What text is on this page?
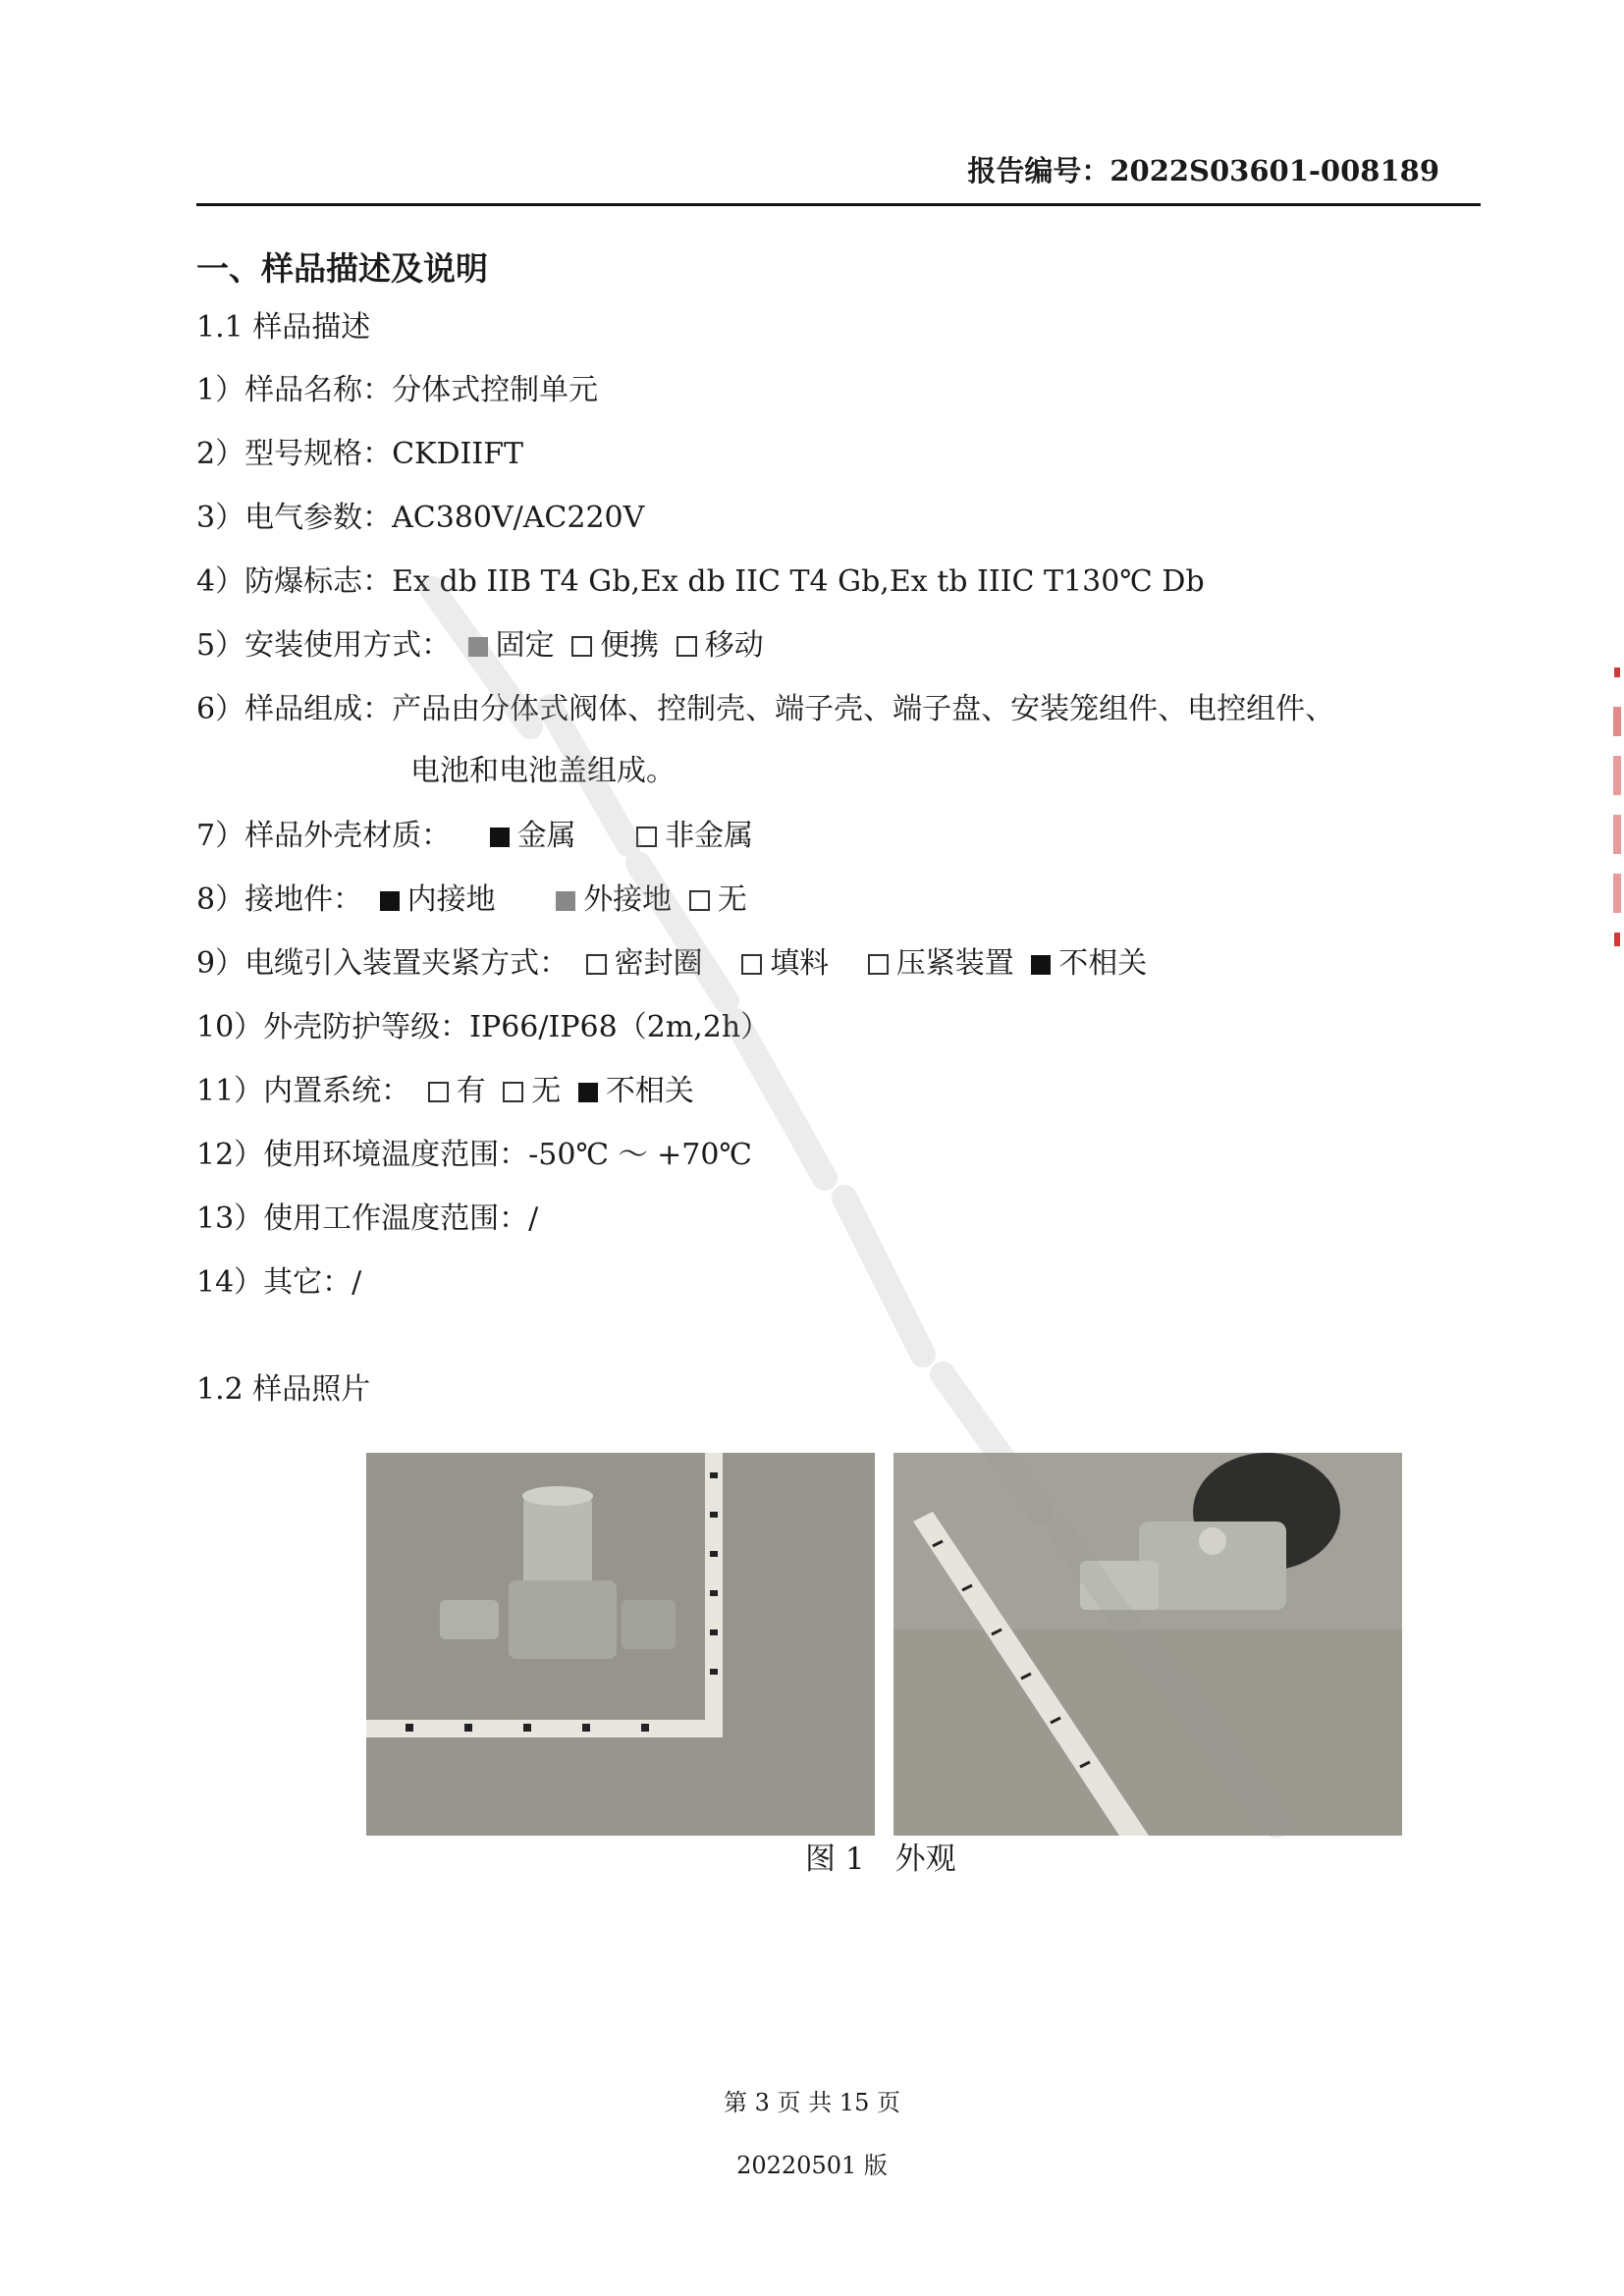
报告编号：2022S03601-008189
一、样品描述及说明
1.1 样品描述
1）样品名称：分体式控制单元
2）型号规格：CKDIIFT
3）电气参数：AC380V/AC220V
4）防爆标志：Ex db IIB T4 Gb,Ex db IIC T4 Gb,Ex tb IIIC T130℃ Db
5）安装使用方式： 固定 便携 移动
6）样品组成：产品由分体式阀体、控制壳、端子壳、端子盘、安装笼组件、电控组件、
电池和电池盖组成。
7）样品外壳材质： 金属	非金属
8）接地件： 内接地	外接地 无
9）电缆引入装置夹紧方式： 密封圈 填料 压紧装置 不相关
10）外壳防护等级：IP66/IP68（2m,2h）
11）内置系统： 有 无 不相关
12）使用环境温度范围：-50℃ ～ +70℃
13）使用工作温度范围：/
14）其它：/
1.2 样品照片
图 1　外观
第 3 页 共 15 页
20220501 版
